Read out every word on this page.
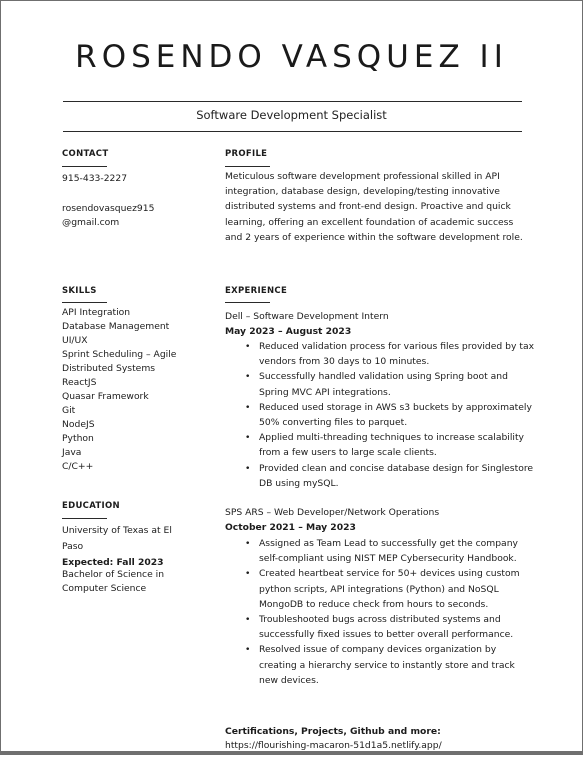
ROSENDO VASQUEZ II
Software Development Specialist
CONTACT
915-433-2227
rosendovasquez915
@gmail.com
PROFILE
Meticulous software development professional skilled in API integration, database design, developing/testing innovative distributed systems and front-end design. Proactive and quick learning, offering an excellent foundation of academic success and 2 years of experience within the software development role.
SKILLS
API Integration
Database Management
UI/UX
Sprint Scheduling – Agile
Distributed Systems
ReactJS
Quasar Framework
Git
NodeJS
Python
Java
C/C++
EDUCATION
University of Texas at El
Paso
Expected: Fall 2023
Bachelor of Science in
Computer Science
EXPERIENCE
Dell – Software Development Intern
May 2023 – August 2023
• Reduced validation process for various files provided by tax vendors from 30 days to 10 minutes.
• Successfully handled validation using Spring boot and Spring MVC API integrations.
• Reduced used storage in AWS s3 buckets by approximately 50% converting files to parquet.
• Applied multi-threading techniques to increase scalability from a few users to large scale clients.
• Provided clean and concise database design for Singlestore DB using mySQL.
SPS ARS – Web Developer/Network Operations
October 2021 – May 2023
• Assigned as Team Lead to successfully get the company self-compliant using NIST MEP Cybersecurity Handbook.
• Created heartbeat service for 50+ devices using custom python scripts, API integrations (Python) and NoSQL MongoDB to reduce check from hours to seconds.
• Troubleshooted bugs across distributed systems and successfully fixed issues to better overall performance.
• Resolved issue of company devices organization by creating a hierarchy service to instantly store and track new devices.
Certifications, Projects, Github and more:
https://flourishing-macaron-51d1a5.netlify.app/
